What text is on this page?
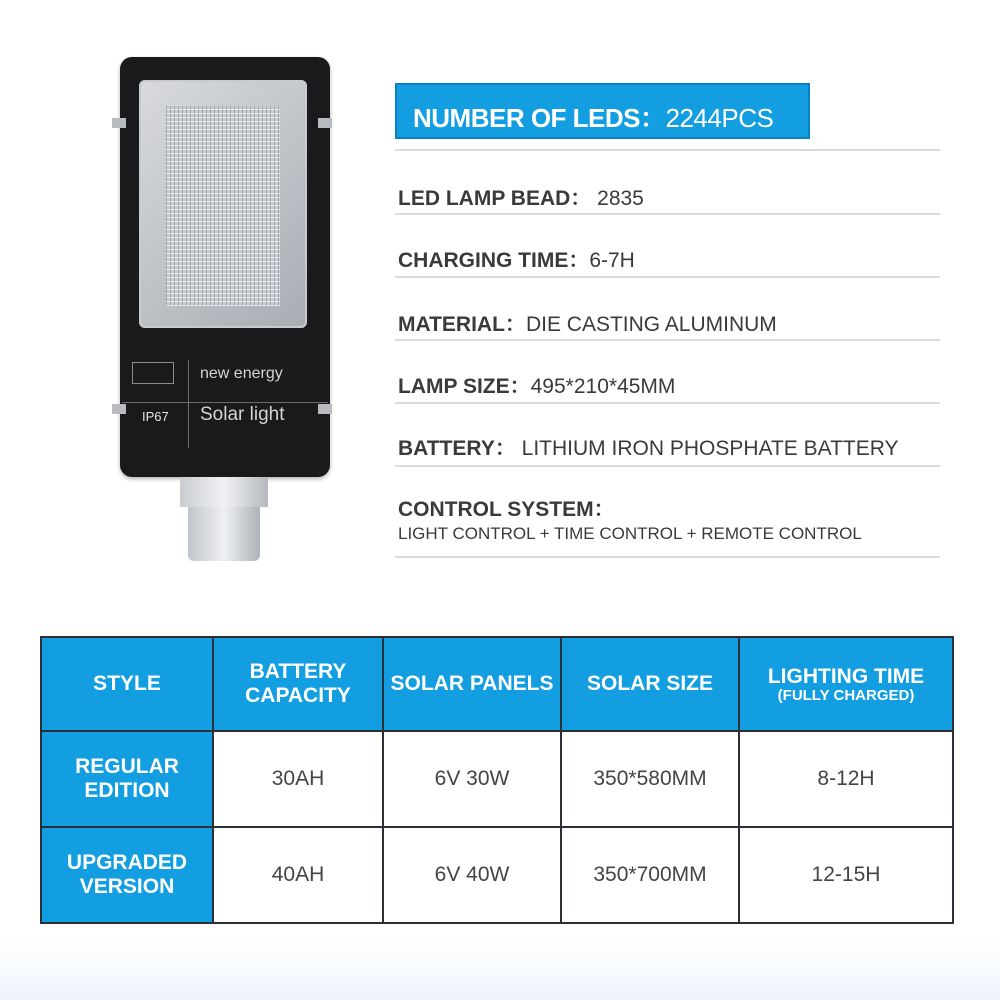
IP67
new energy
Solar light
NUMBER OF LEDS：2244PCS
LED LAMP BEAD： 2835
CHARGING TIME：6-7H
MATERIAL：DIE CASTING ALUMINUM
LAMP SIZE：495*210*45MM
BATTERY： LITHIUM IRON PHOSPHATE BATTERY
CONTROL SYSTEM：
LIGHT CONTROL + TIME CONTROL + REMOTE CONTROL
STYLE	BATTERY CAPACITY	SOLAR PANELS	SOLAR SIZE	LIGHTING TIME
(FULLY CHARGED)

REGULAR EDITION	30AH	6V 30W	350*580MM	8-12H
UPGRADED VERSION	40AH	6V 40W	350*700MM	12-15H
